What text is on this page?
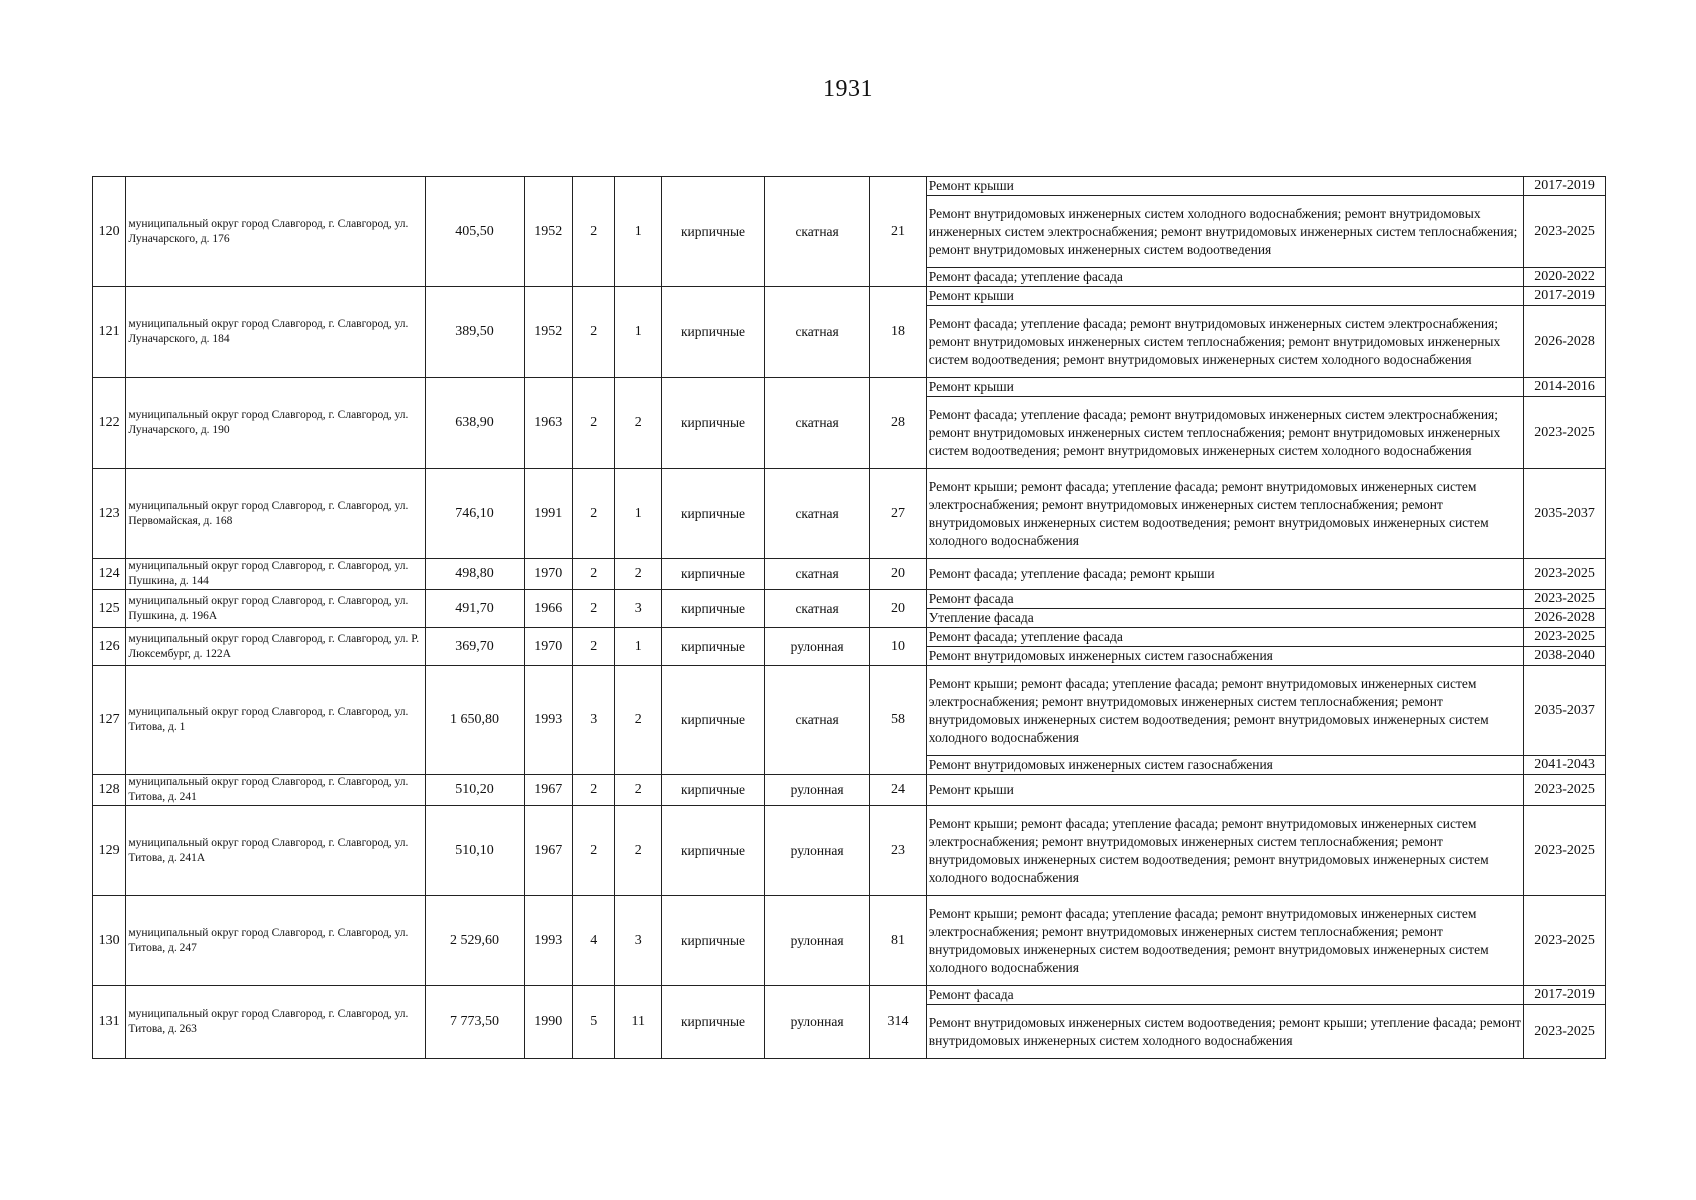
1931
120	муниципальный округ город Славгород, г. Славгород, ул. Луначарского, д. 176	405,50	1952	2	1	кирпичные	скатная	21	Ремонт крыши	2017-2019
									Ремонт внутридомовых инженерных систем холодного водоснабжения; ремонт внутридомовых инженерных систем электроснабжения; ремонт внутридомовых инженерных систем теплоснабжения; ремонт внутридомовых инженерных систем водоотведения	2023-2025
									Ремонт фасада; утепление фасада	2020-2022
121	муниципальный округ город Славгород, г. Славгород, ул. Луначарского, д. 184	389,50	1952	2	1	кирпичные	скатная	18	Ремонт крыши	2017-2019
									Ремонт фасада; утепление фасада; ремонт внутридомовых инженерных систем электроснабжения; ремонт внутридомовых инженерных систем теплоснабжения; ремонт внутридомовых инженерных систем водоотведения; ремонт внутридомовых инженерных систем холодного водоснабжения	2026-2028
122	муниципальный округ город Славгород, г. Славгород, ул. Луначарского, д. 190	638,90	1963	2	2	кирпичные	скатная	28	Ремонт крыши	2014-2016
									Ремонт фасада; утепление фасада; ремонт внутридомовых инженерных систем электроснабжения; ремонт внутридомовых инженерных систем теплоснабжения; ремонт внутридомовых инженерных систем водоотведения; ремонт внутридомовых инженерных систем холодного водоснабжения	2023-2025
123	муниципальный округ город Славгород, г. Славгород, ул. Первомайская, д. 168	746,10	1991	2	1	кирпичные	скатная	27	Ремонт крыши; ремонт фасада; утепление фасада; ремонт внутридомовых инженерных систем электроснабжения; ремонт внутридомовых инженерных систем теплоснабжения; ремонт внутридомовых инженерных систем водоотведения; ремонт внутридомовых инженерных систем холодного водоснабжения	2035-2037
124	муниципальный округ город Славгород, г. Славгород, ул. Пушкина, д. 144	498,80	1970	2	2	кирпичные	скатная	20	Ремонт фасада; утепление фасада; ремонт крыши	2023-2025
125	муниципальный округ город Славгород, г. Славгород, ул. Пушкина, д. 196А	491,70	1966	2	3	кирпичные	скатная	20	Ремонт фасада	2023-2025
									Утепление фасада	2026-2028
126	муниципальный округ город Славгород, г. Славгород, ул. Р. Люксембург, д. 122А	369,70	1970	2	1	кирпичные	рулонная	10	Ремонт фасада; утепление фасада	2023-2025
									Ремонт внутридомовых инженерных систем газоснабжения	2038-2040
127	муниципальный округ город Славгород, г. Славгород, ул. Титова, д. 1	1 650,80	1993	3	2	кирпичные	скатная	58	Ремонт крыши; ремонт фасада; утепление фасада; ремонт внутридомовых инженерных систем электроснабжения; ремонт внутридомовых инженерных систем теплоснабжения; ремонт внутридомовых инженерных систем водоотведения; ремонт внутридомовых инженерных систем холодного водоснабжения	2035-2037
									Ремонт внутридомовых инженерных систем газоснабжения	2041-2043
128	муниципальный округ город Славгород, г. Славгород, ул. Титова, д. 241	510,20	1967	2	2	кирпичные	рулонная	24	Ремонт крыши	2023-2025
129	муниципальный округ город Славгород, г. Славгород, ул. Титова, д. 241А	510,10	1967	2	2	кирпичные	рулонная	23	Ремонт крыши; ремонт фасада; утепление фасада; ремонт внутридомовых инженерных систем электроснабжения; ремонт внутридомовых инженерных систем теплоснабжения; ремонт внутридомовых инженерных систем водоотведения; ремонт внутридомовых инженерных систем холодного водоснабжения	2023-2025
130	муниципальный округ город Славгород, г. Славгород, ул. Титова, д. 247	2 529,60	1993	4	3	кирпичные	рулонная	81	Ремонт крыши; ремонт фасада; утепление фасада; ремонт внутридомовых инженерных систем электроснабжения; ремонт внутридомовых инженерных систем теплоснабжения; ремонт внутридомовых инженерных систем водоотведения; ремонт внутридомовых инженерных систем холодного водоснабжения	2023-2025
131	муниципальный округ город Славгород, г. Славгород, ул. Титова, д. 263	7 773,50	1990	5	11	кирпичные	рулонная	314	Ремонт фасада	2017-2019
									Ремонт внутридомовых инженерных систем водоотведения; ремонт крыши; утепление фасада; ремонт внутридомовых инженерных систем холодного водоснабжения	2023-2025
